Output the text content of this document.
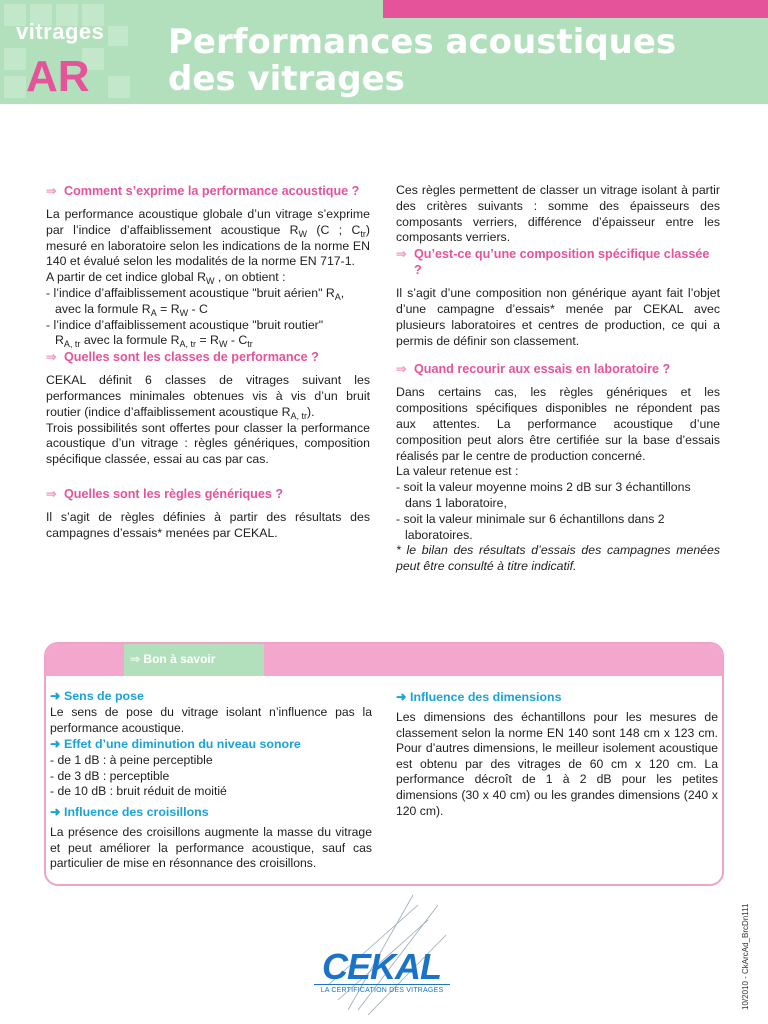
vitrages
AR
Performances acoustiques
des vitrages
⇒ Comment s’exprime la performance acoustique ?

La performance acoustique globale d’un vitrage s’exprime par l’indice d’affaiblissement acoustique $R_W$ (C ; $C_{tr}$) mesuré en laboratoire selon les indications de la norme EN 140 et évalué selon les modalités de la norme EN 717-1.

A partir de cet indice global $R_W$ , on obtient :

- l’indice d’affaiblissement acoustique "bruit aérien" $R_A$,

avec la formule $R_A = R_W - C$

- l’indice d’affaiblissement acoustique "bruit routier"

$R_{A, tr}$ avec la formule $R_{A, tr} = R_W - C_{tr}$

⇒ Quelles sont les classes de performance ?

CEKAL définit 6 classes de vitrages suivant les performances minimales obtenues vis à vis d’un bruit routier (indice d’affaiblissement acoustique $R_{A, tr}$).

Trois possibilités sont offertes pour classer la performance acoustique d’un vitrage : règles génériques, composition spécifique classée, essai au cas par cas.

⇒ Quelles sont les règles génériques ?

Il s’agit de règles définies à partir des résultats des campagnes d’essais* menées par CEKAL.

Ces règles permettent de classer un vitrage isolant à partir des critères suivants : somme des épaisseurs des composants verriers, différence d’épaisseur entre les composants verriers.

⇒ Qu’est-ce qu’une composition spécifique classée ?

Il s’agit d’une composition non générique ayant fait l’objet d’une campagne d’essais* menée par CEKAL avec plusieurs laboratoires et centres de production, ce qui a permis de définir son classement.

⇒ Quand recourir aux essais en laboratoire ?

Dans certains cas, les règles génériques et les compositions spécifiques disponibles ne répondent pas aux attentes. La performance acoustique d’une composition peut alors être certifiée sur la base d’essais réalisés par le centre de production concerné.

La valeur retenue est :

- soit la valeur moyenne moins 2 dB sur 3 échantillons dans 1 laboratoire,

- soit la valeur minimale sur 6 échantillons dans 2 laboratoires.

* le bilan des résultats d’essais des campagnes menées peut être consulté à titre indicatif.

⇒ Bon à savoir
➜ Sens de pose

Le sens de pose du vitrage isolant n’influence pas la performance acoustique.

➜ Effet d’une diminution du niveau sonore

- de 1 dB : à peine perceptible

- de 3 dB : perceptible

- de 10 dB : bruit réduit de moitié

➜ Influence des croisillons

La présence des croisillons augmente la masse du vitrage et peut améliorer la performance acoustique, sauf cas particulier de mise en résonnance des croisillons.

➜ Influence des dimensions

Les dimensions des échantillons pour les mesures de classement selon la norme EN 140 sont 148 cm x 123 cm. Pour d’autres dimensions, le meilleur isolement acoustique est obtenu par des vitrages de 60 cm x 120 cm. La performance décroît de 1 à 2 dB pour les petites dimensions (30 x 40 cm) ou les grandes dimensions (240 x 120 cm).

CEKAL
LA CERTIFICATION DES VITRAGES	10/2010 - CkArcAd_BrcDn111
